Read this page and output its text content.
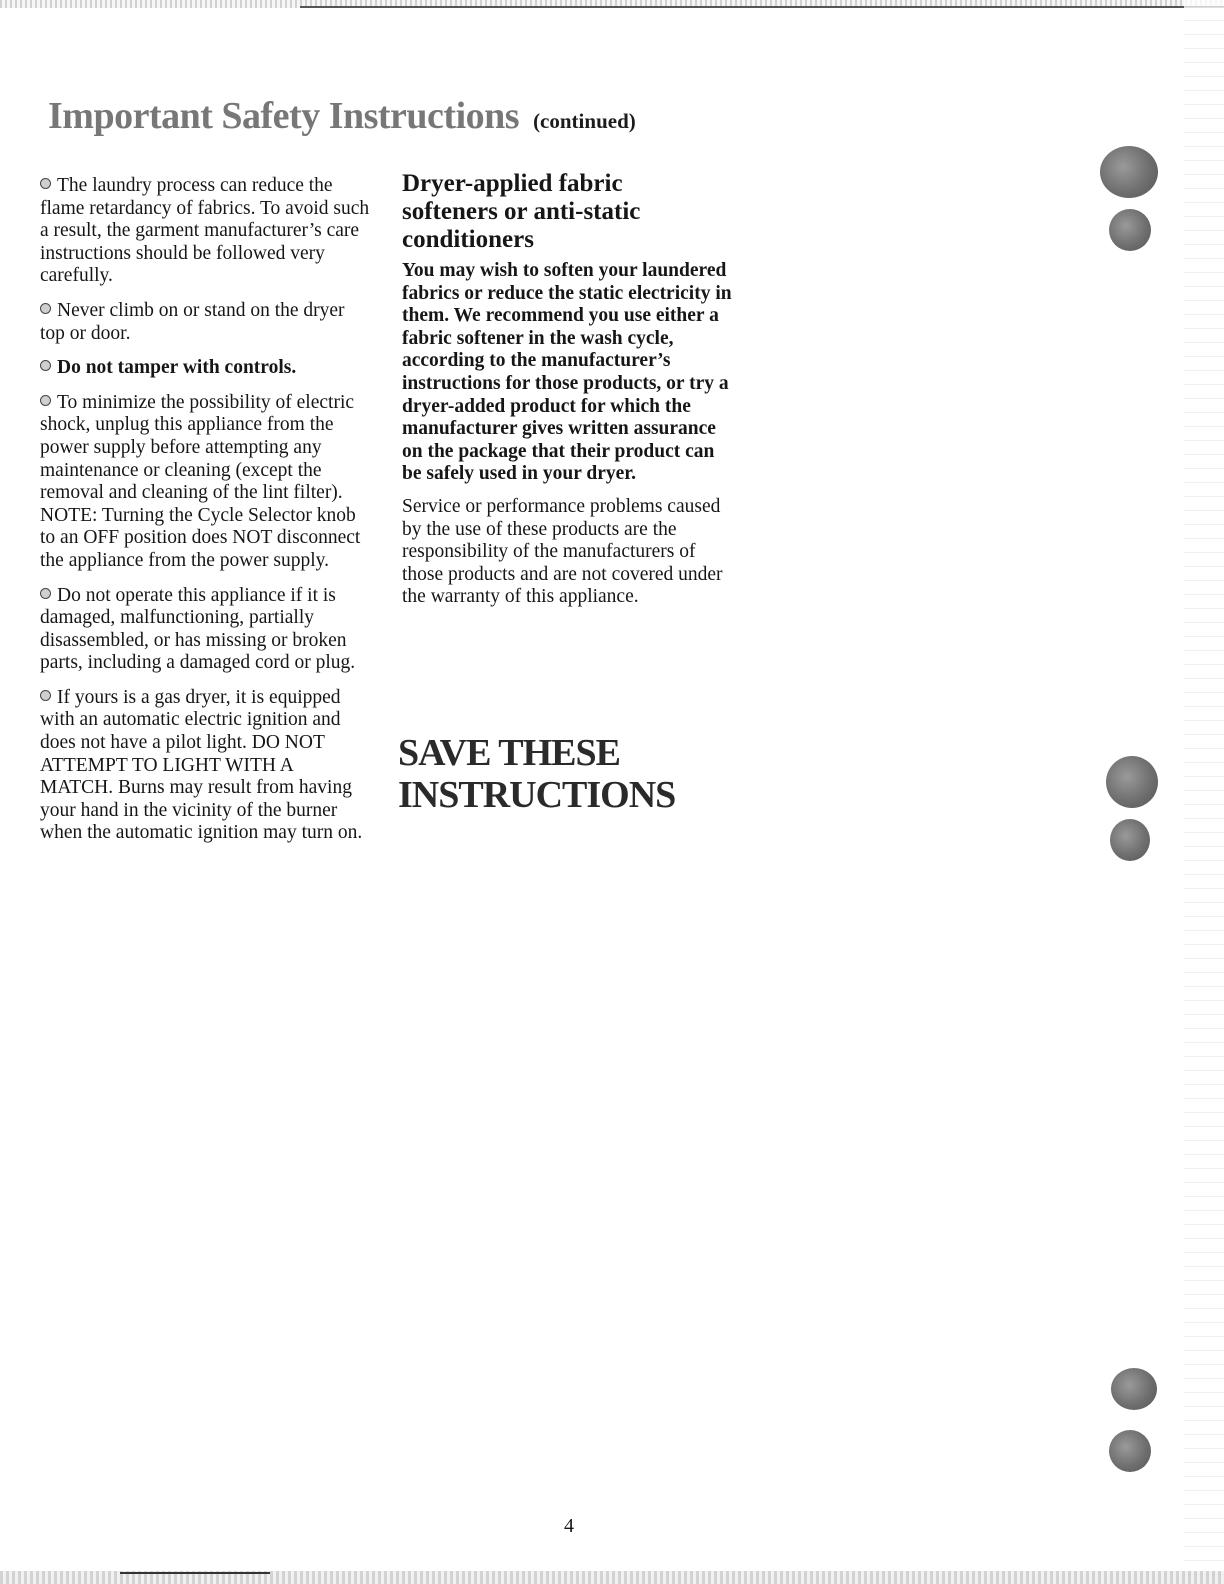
Important Safety Instructions (continued)

The laundry process can reduce the flame retardancy of fabrics. To avoid such a result, the garment manufacturer’s care instructions should be followed very carefully.

Never climb on or stand on the dryer top or door.

Do not tamper with controls.

To minimize the possibility of electric shock, unplug this appliance from the power supply before attempting any maintenance or cleaning (except the removal and cleaning of the lint filter). NOTE: Turning the Cycle Selector knob to an OFF position does NOT disconnect the appliance from the power supply.

Do not operate this appliance if it is damaged, malfunctioning, partially disassembled, or has missing or broken parts, including a damaged cord or plug.

If yours is a gas dryer, it is equipped with an automatic electric ignition and does not have a pilot light. DO NOT ATTEMPT TO LIGHT WITH A MATCH. Burns may result from having your hand in the vicinity of the burner when the automatic ignition may turn on.

Dryer-applied fabric
softeners or anti-static
conditioners

You may wish to soften your laundered fabrics or reduce the static electricity in them. We recommend you use either a fabric softener in the wash cycle, according to the manufacturer’s instructions for those products, or try a dryer-added product for which the manufacturer gives written assurance on the package that their product can be safely used in your dryer.

Service or performance problems caused by the use of these products are the responsibility of the manufacturers of those products and are not covered under the warranty of this appliance.

SAVE THESE
INSTRUCTIONS
4
